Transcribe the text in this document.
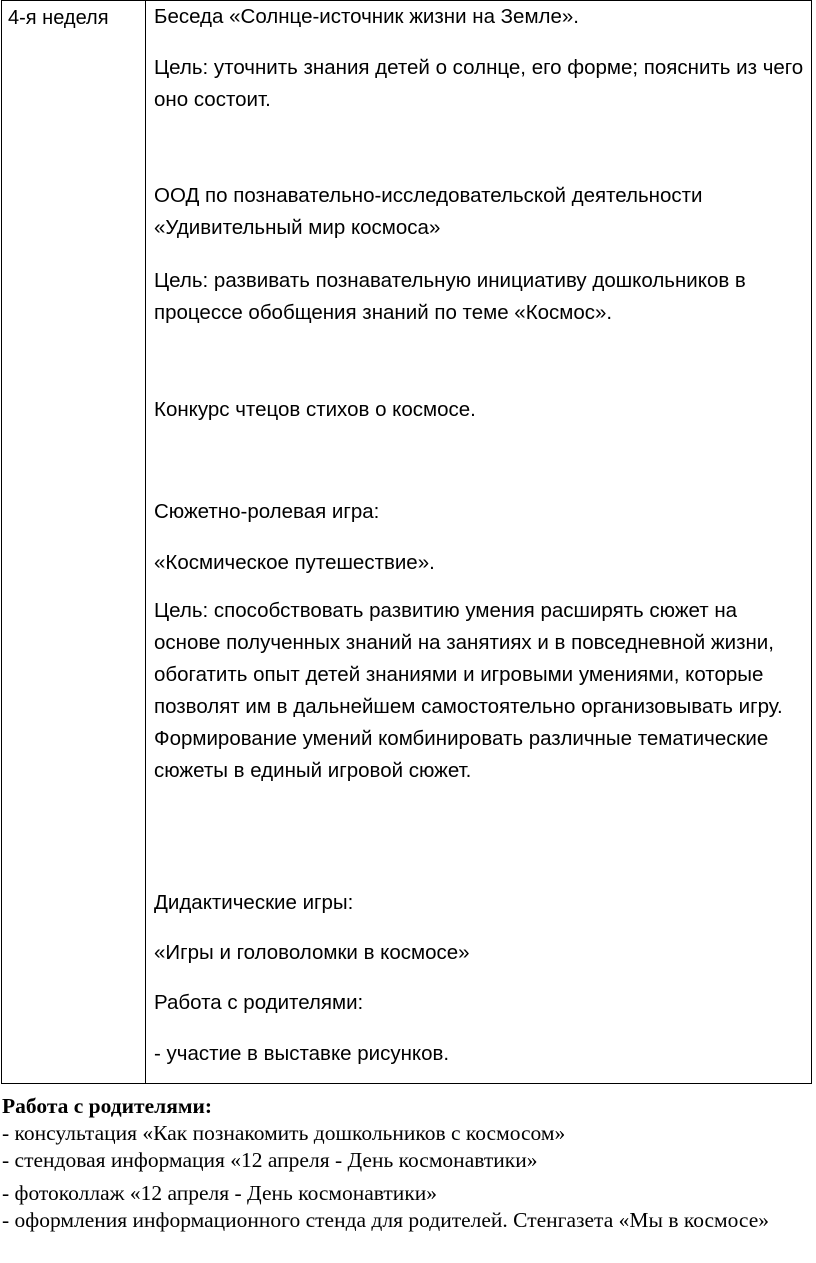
4-я неделя	Беседа «Солнце-источник жизни на Земле».
Цель: уточнить знания детей о солнце, его форме; пояснить из чего оно состоит.
ООД по познавательно-исследовательской деятельности «Удивительный мир космоса»
Цель: развивать познавательную инициативу дошкольников в процессе обобщения знаний по теме «Космос».
Конкурс чтецов стихов о космосе.
Сюжетно-ролевая игра:
«Космическое путешествие».
Цель: способствовать развитию умения расширять сюжет на основе полученных знаний на занятиях и в повседневной жизни, обогатить опыт детей знаниями и игровыми умениями, которые позволят им в дальнейшем самостоятельно организовывать игру. Формирование умений комбинировать различные тематические сюжеты в единый игровой сюжет.
Дидактические игры:
«Игры и головоломки в космосе»
Работа с родителями:
- участие в выставке рисунков.
Работа с родителями:
- консультация «Как познакомить дошкольников с космосом»
- стендовая информация «12 апреля - День космонавтики»
- фотоколлаж «12 апреля - День космонавтики»
- оформления информационного стенда для родителей. Стенгазета «Мы в космосе»
